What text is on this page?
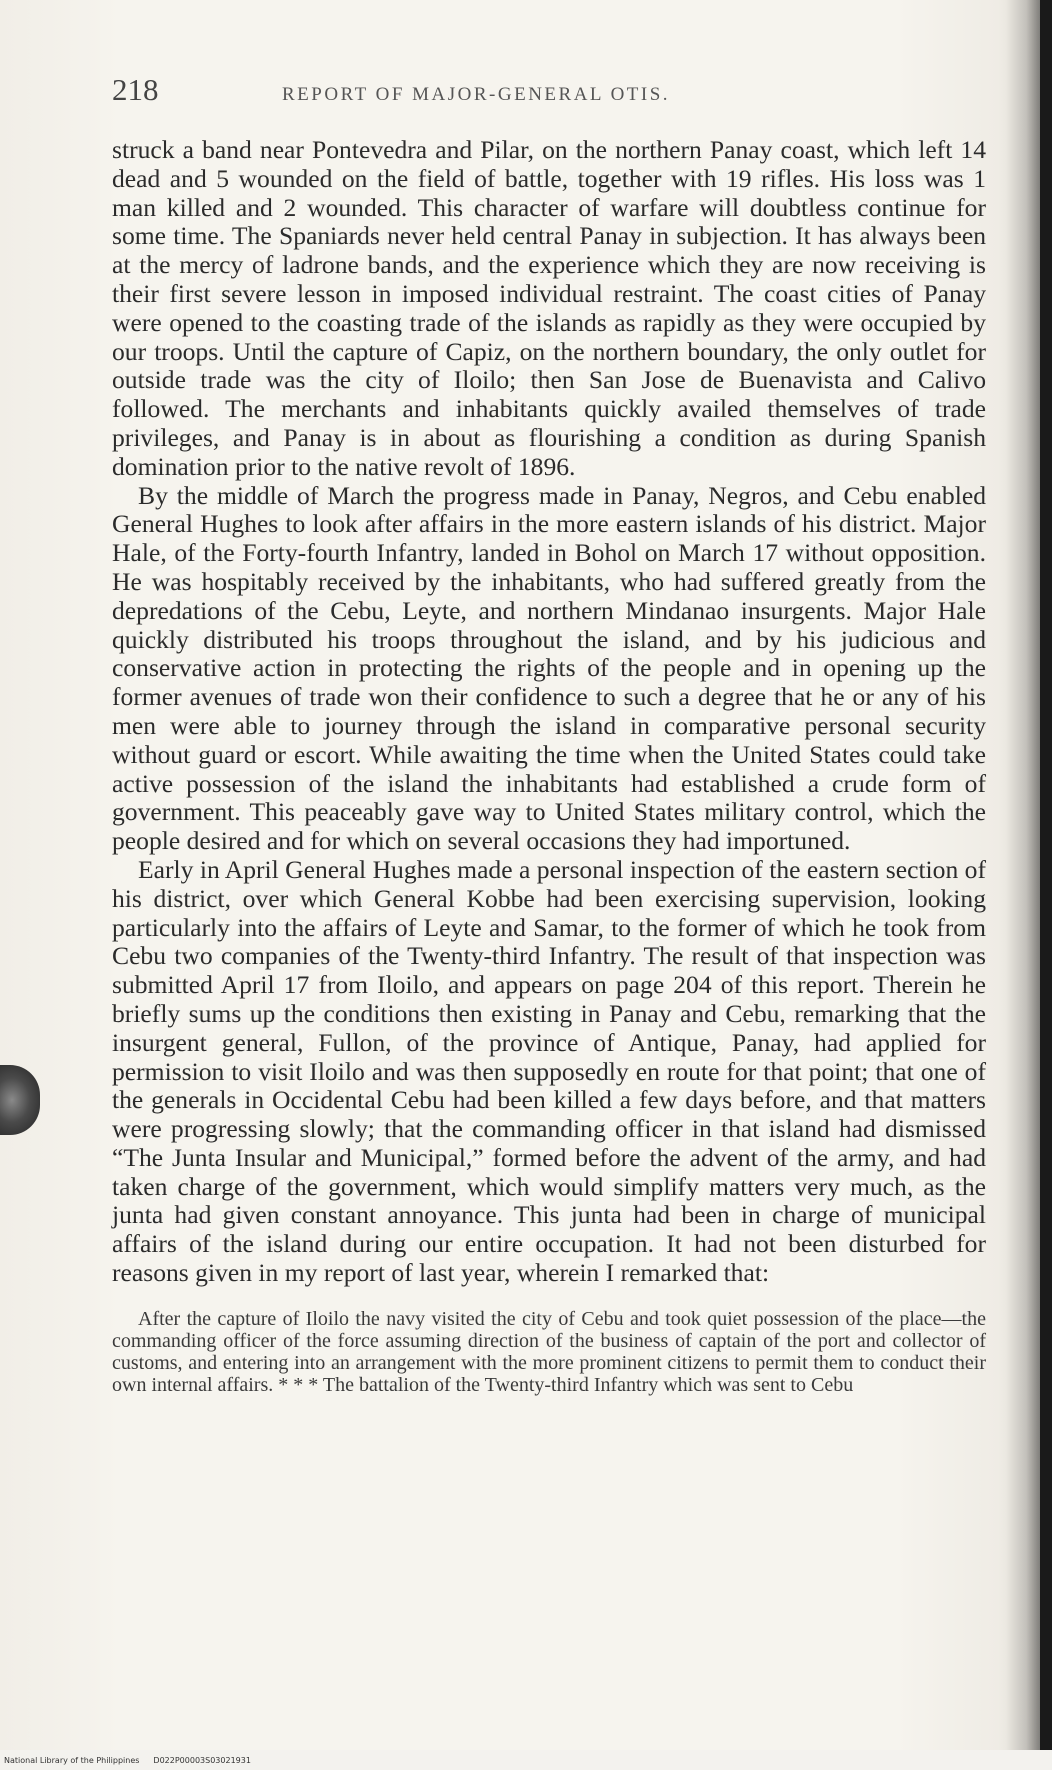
218	REPORT OF MAJOR-GENERAL OTIS.

struck a band near Pontevedra and Pilar, on the northern Panay coast, which left 14 dead and 5 wounded on the field of battle, together with 19 rifles. His loss was 1 man killed and 2 wounded. This character of warfare will doubtless continue for some time. The Spaniards never held central Panay in subjection. It has always been at the mercy of ladrone bands, and the experience which they are now receiving is their first severe lesson in imposed individual restraint. The coast cities of Panay were opened to the coasting trade of the islands as rapidly as they were occupied by our troops. Until the capture of Capiz, on the northern boundary, the only outlet for outside trade was the city of Iloilo; then San Jose de Buenavista and Calivo followed. The merchants and inhabitants quickly availed themselves of trade privileges, and Panay is in about as flourishing a condition as during Spanish domination prior to the native revolt of 1896.

By the middle of March the progress made in Panay, Negros, and Cebu enabled General Hughes to look after affairs in the more eastern islands of his district. Major Hale, of the Forty-fourth Infantry, landed in Bohol on March 17 without opposition. He was hospitably received by the inhabitants, who had suffered greatly from the depredations of the Cebu, Leyte, and northern Mindanao insurgents. Major Hale quickly distributed his troops throughout the island, and by his judicious and conservative action in protecting the rights of the people and in opening up the former avenues of trade won their confidence to such a degree that he or any of his men were able to journey through the island in comparative personal security without guard or escort. While awaiting the time when the United States could take active possession of the island the inhabitants had established a crude form of government. This peaceably gave way to United States military control, which the people desired and for which on several occasions they had importuned.

Early in April General Hughes made a personal inspection of the eastern section of his district, over which General Kobbe had been exercising supervision, looking particularly into the affairs of Leyte and Samar, to the former of which he took from Cebu two companies of the Twenty-third Infantry. The result of that inspection was submitted April 17 from Iloilo, and appears on page 204 of this report. Therein he briefly sums up the conditions then existing in Panay and Cebu, remarking that the insurgent general, Fullon, of the province of Antique, Panay, had applied for permission to visit Iloilo and was then supposedly en route for that point; that one of the generals in Occidental Cebu had been killed a few days before, and that matters were progressing slowly; that the commanding officer in that island had dismissed “The Junta Insular and Municipal,” formed before the advent of the army, and had taken charge of the government, which would simplify matters very much, as the junta had given constant annoyance. This junta had been in charge of municipal affairs of the island during our entire occupation. It had not been disturbed for reasons given in my report of last year, wherein I remarked that:

After the capture of Iloilo the navy visited the city of Cebu and took quiet possession of the place—the commanding officer of the force assuming direction of the business of captain of the port and collector of customs, and entering into an arrangement with the more prominent citizens to permit them to conduct their own internal affairs. * * * The battalion of the Twenty-third Infantry which was sent to Cebu
National Library of the Philippines D022P00003S03021931
